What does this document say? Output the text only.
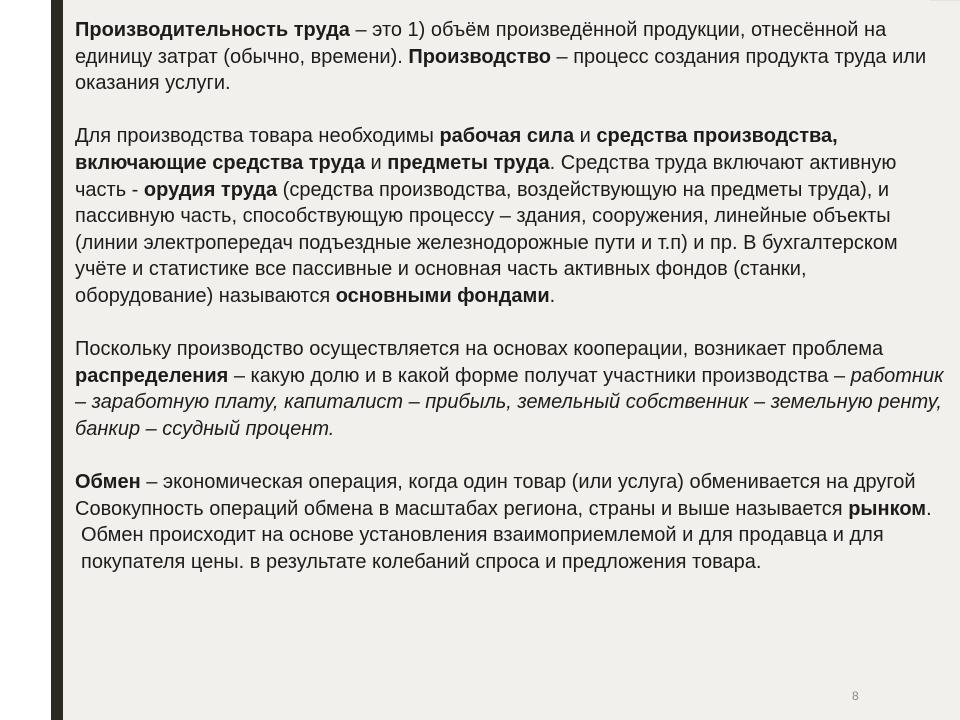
Производительность труда – это 1) объём произведённой продукции, отнесённой на единицу затрат (обычно, времени). Производство – процесс создания продукта труда или оказания услуги.

Для производства товара необходимы рабочая сила и средства производства, включающие средства труда и предметы труда. Средства труда включают активную часть - орудия труда (средства производства, воздействующую на предметы труда), и пассивную часть, способствующую процессу – здания, сооружения, линейные объекты (линии электропередач подъездные железнодорожные пути и т.п) и пр. В бухгалтерском учёте и статистике все пассивные и основная часть активных фондов (станки, оборудование) называются основными фондами.

Поскольку производство осуществляется на основах кооперации, возникает проблема распределения – какую долю и в какой форме получат участники производства – работник – заработную плату, капиталист – прибыль, земельный собственник – земельную ренту, банкир – ссудный процент.

Обмен – экономическая операция, когда один товар (или услуга) обменивается на другой Совокупность операций обмена в масштабах региона, страны и выше называется рынком.

Обмен происходит на основе установления взаимоприемлемой и для продавца и для покупателя цены. в результате колебаний спроса и предложения товара.

8
